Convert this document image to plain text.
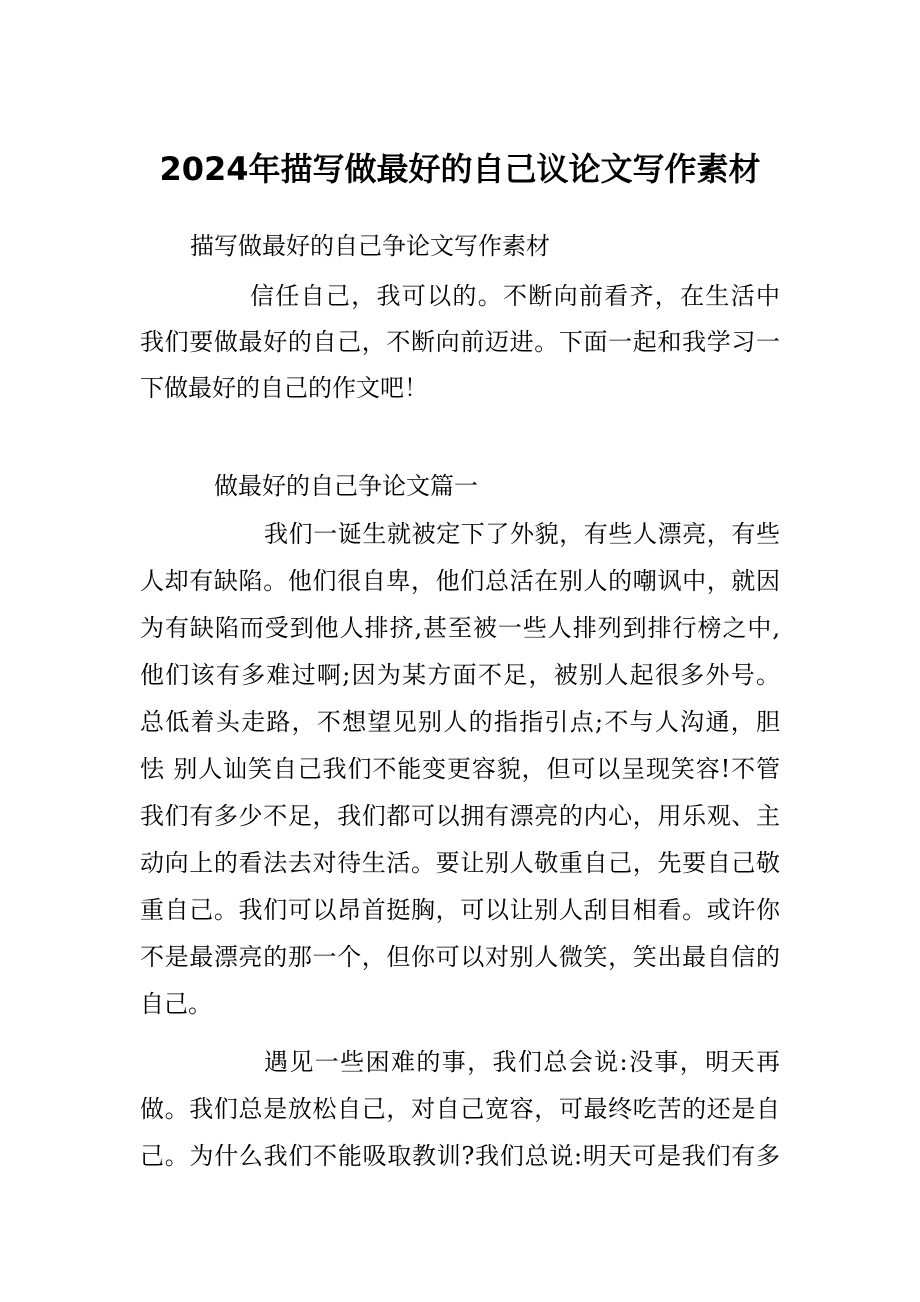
2024年描写做最好的自己议论文写作素材
描写做最好的自己争论文写作素材
信任自己，我可以的。不断向前看齐，在生活中
我们要做最好的自己，不断向前迈进。下面一起和我学习一
下做最好的自己的作文吧！
做最好的自己争论文篇一
我们一诞生就被定下了外貌，有些人漂亮，有些
人却有缺陷。他们很自卑，他们总活在别人的嘲讽中，就因
为有缺陷而受到他人排挤,甚至被一些人排列到排行榜之中,
他们该有多难过啊;因为某方面不足，被别人起很多外号。
总低着头走路，不想望见别人的指指引点;不与人沟通，胆
怯 别人讪笑自己我们不能变更容貌，但可以呈现笑容!不管
我们有多少不足，我们都可以拥有漂亮的内心，用乐观、主
动向上的看法去对待生活。要让别人敬重自己，先要自己敬
重自己。我们可以昂首挺胸，可以让别人刮目相看。或许你
不是最漂亮的那一个，但你可以对别人微笑，笑出最自信的
自己。
遇见一些困难的事，我们总会说:没事，明天再
做。我们总是放松自己，对自己宽容，可最终吃苦的还是自
己。为什么我们不能吸取教训?我们总说:明天可是我们有多
